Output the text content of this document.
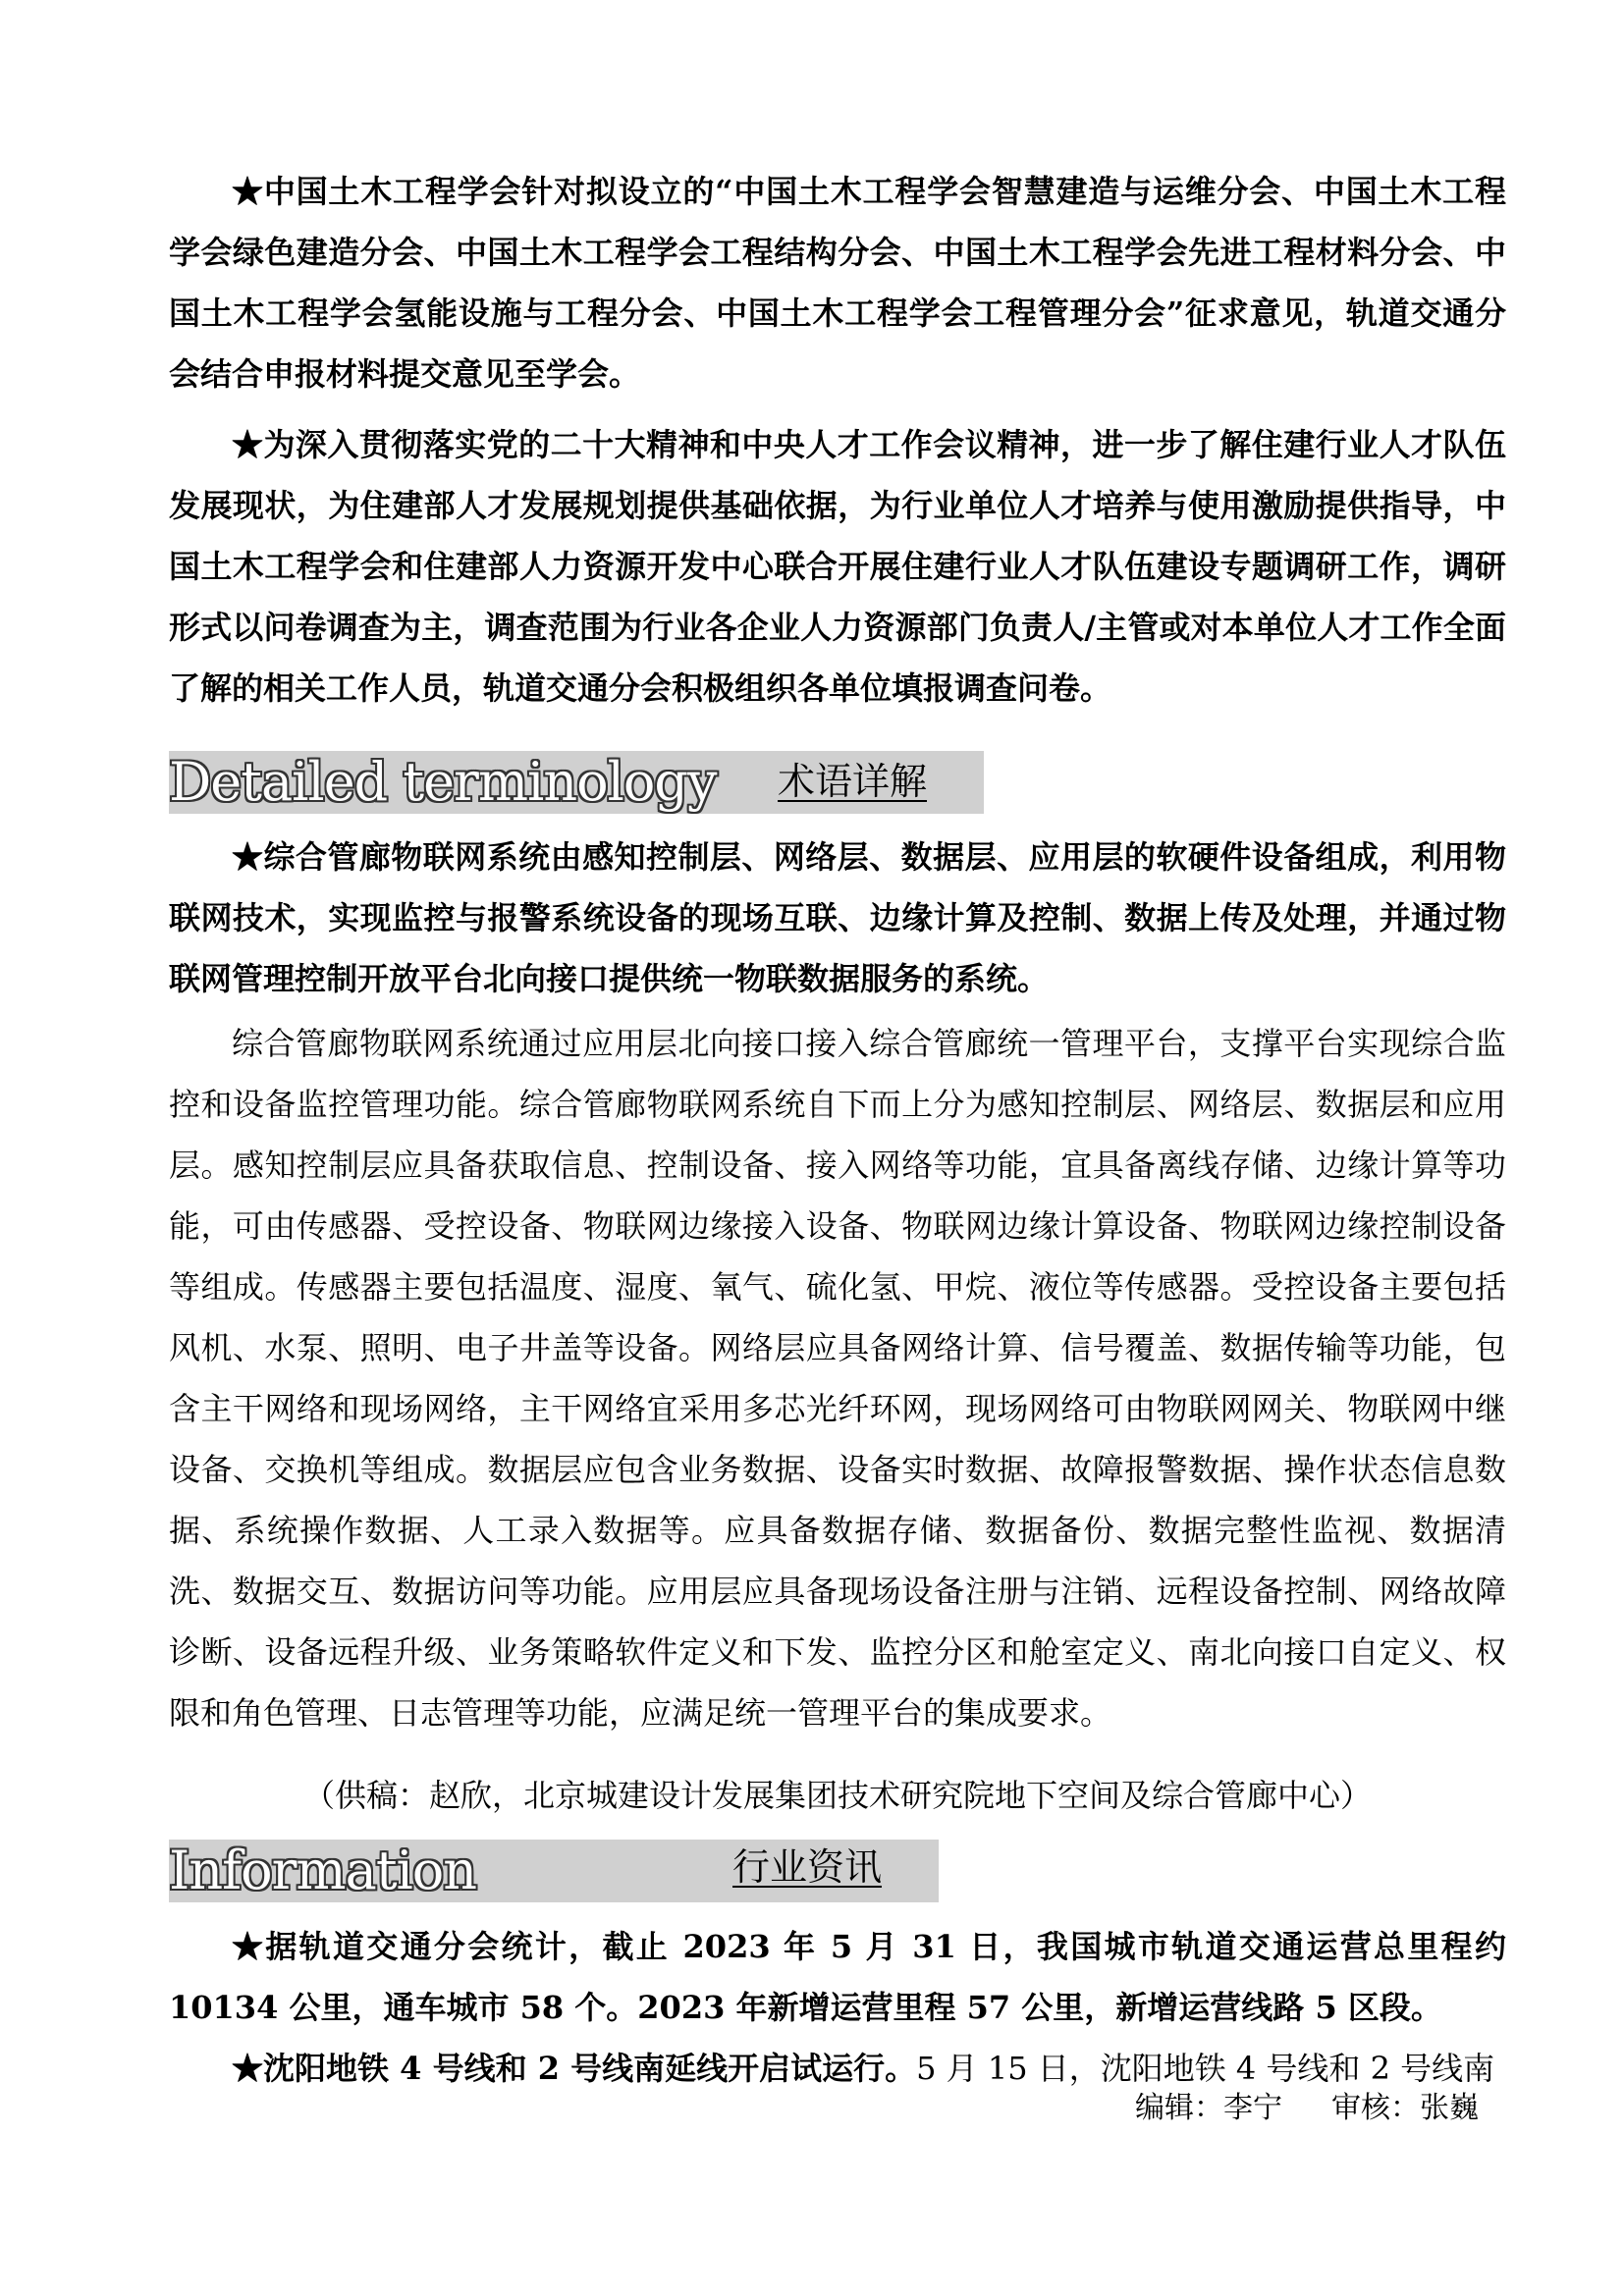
★中国土木工程学会针对拟设立的“中国土木工程学会智慧建造与运维分会、中国土木工程学会绿色建造分会、中国土木工程学会工程结构分会、中国土木工程学会先进工程材料分会、中国土木工程学会氢能设施与工程分会、中国土木工程学会工程管理分会”征求意见，轨道交通分会结合申报材料提交意见至学会。

★为深入贯彻落实党的二十大精神和中央人才工作会议精神，进一步了解住建行业人才队伍发展现状，为住建部人才发展规划提供基础依据，为行业单位人才培养与使用激励提供指导，中国土木工程学会和住建部人力资源开发中心联合开展住建行业人才队伍建设专题调研工作，调研形式以问卷调查为主，调查范围为行业各企业人力资源部门负责人/主管或对本单位人才工作全面了解的相关工作人员，轨道交通分会积极组织各单位填报调查问卷。

Detailed terminology 术语详解

★综合管廊物联网系统由感知控制层、网络层、数据层、应用层的软硬件设备组成，利用物联网技术，实现监控与报警系统设备的现场互联、边缘计算及控制、数据上传及处理，并通过物联网管理控制开放平台北向接口提供统一物联数据服务的系统。

综合管廊物联网系统通过应用层北向接口接入综合管廊统一管理平台，支撑平台实现综合监控和设备监控管理功能。综合管廊物联网系统自下而上分为感知控制层、网络层、数据层和应用层。感知控制层应具备获取信息、控制设备、接入网络等功能，宜具备离线存储、边缘计算等功能，可由传感器、受控设备、物联网边缘接入设备、物联网边缘计算设备、物联网边缘控制设备等组成。传感器主要包括温度、湿度、氧气、硫化氢、甲烷、液位等传感器。受控设备主要包括风机、水泵、照明、电子井盖等设备。网络层应具备网络计算、信号覆盖、数据传输等功能，包含主干网络和现场网络，主干网络宜采用多芯光纤环网，现场网络可由物联网网关、物联网中继设备、交换机等组成。数据层应包含业务数据、设备实时数据、故障报警数据、操作状态信息数据、系统操作数据、人工录入数据等。应具备数据存储、数据备份、数据完整性监视、数据清洗、数据交互、数据访问等功能。应用层应具备现场设备注册与注销、远程设备控制、网络故障诊断、设备远程升级、业务策略软件定义和下发、监控分区和舱室定义、南北向接口自定义、权限和角色管理、日志管理等功能，应满足统一管理平台的集成要求。

（供稿：赵欣，北京城建设计发展集团技术研究院地下空间及综合管廊中心）

Information	行业资讯

★据轨道交通分会统计，截止 2023 年 5 月 31 日，我国城市轨道交通运营总里程约 10134 公里，通车城市 58 个。2023 年新增运营里程 57 公里，新增运营线路 5 区段。

★沈阳地铁 4 号线和 2 号线南延线开启试运行。5 月 15 日，沈阳地铁 4 号线和 2 号线南

编辑：李宁 审核：张巍
